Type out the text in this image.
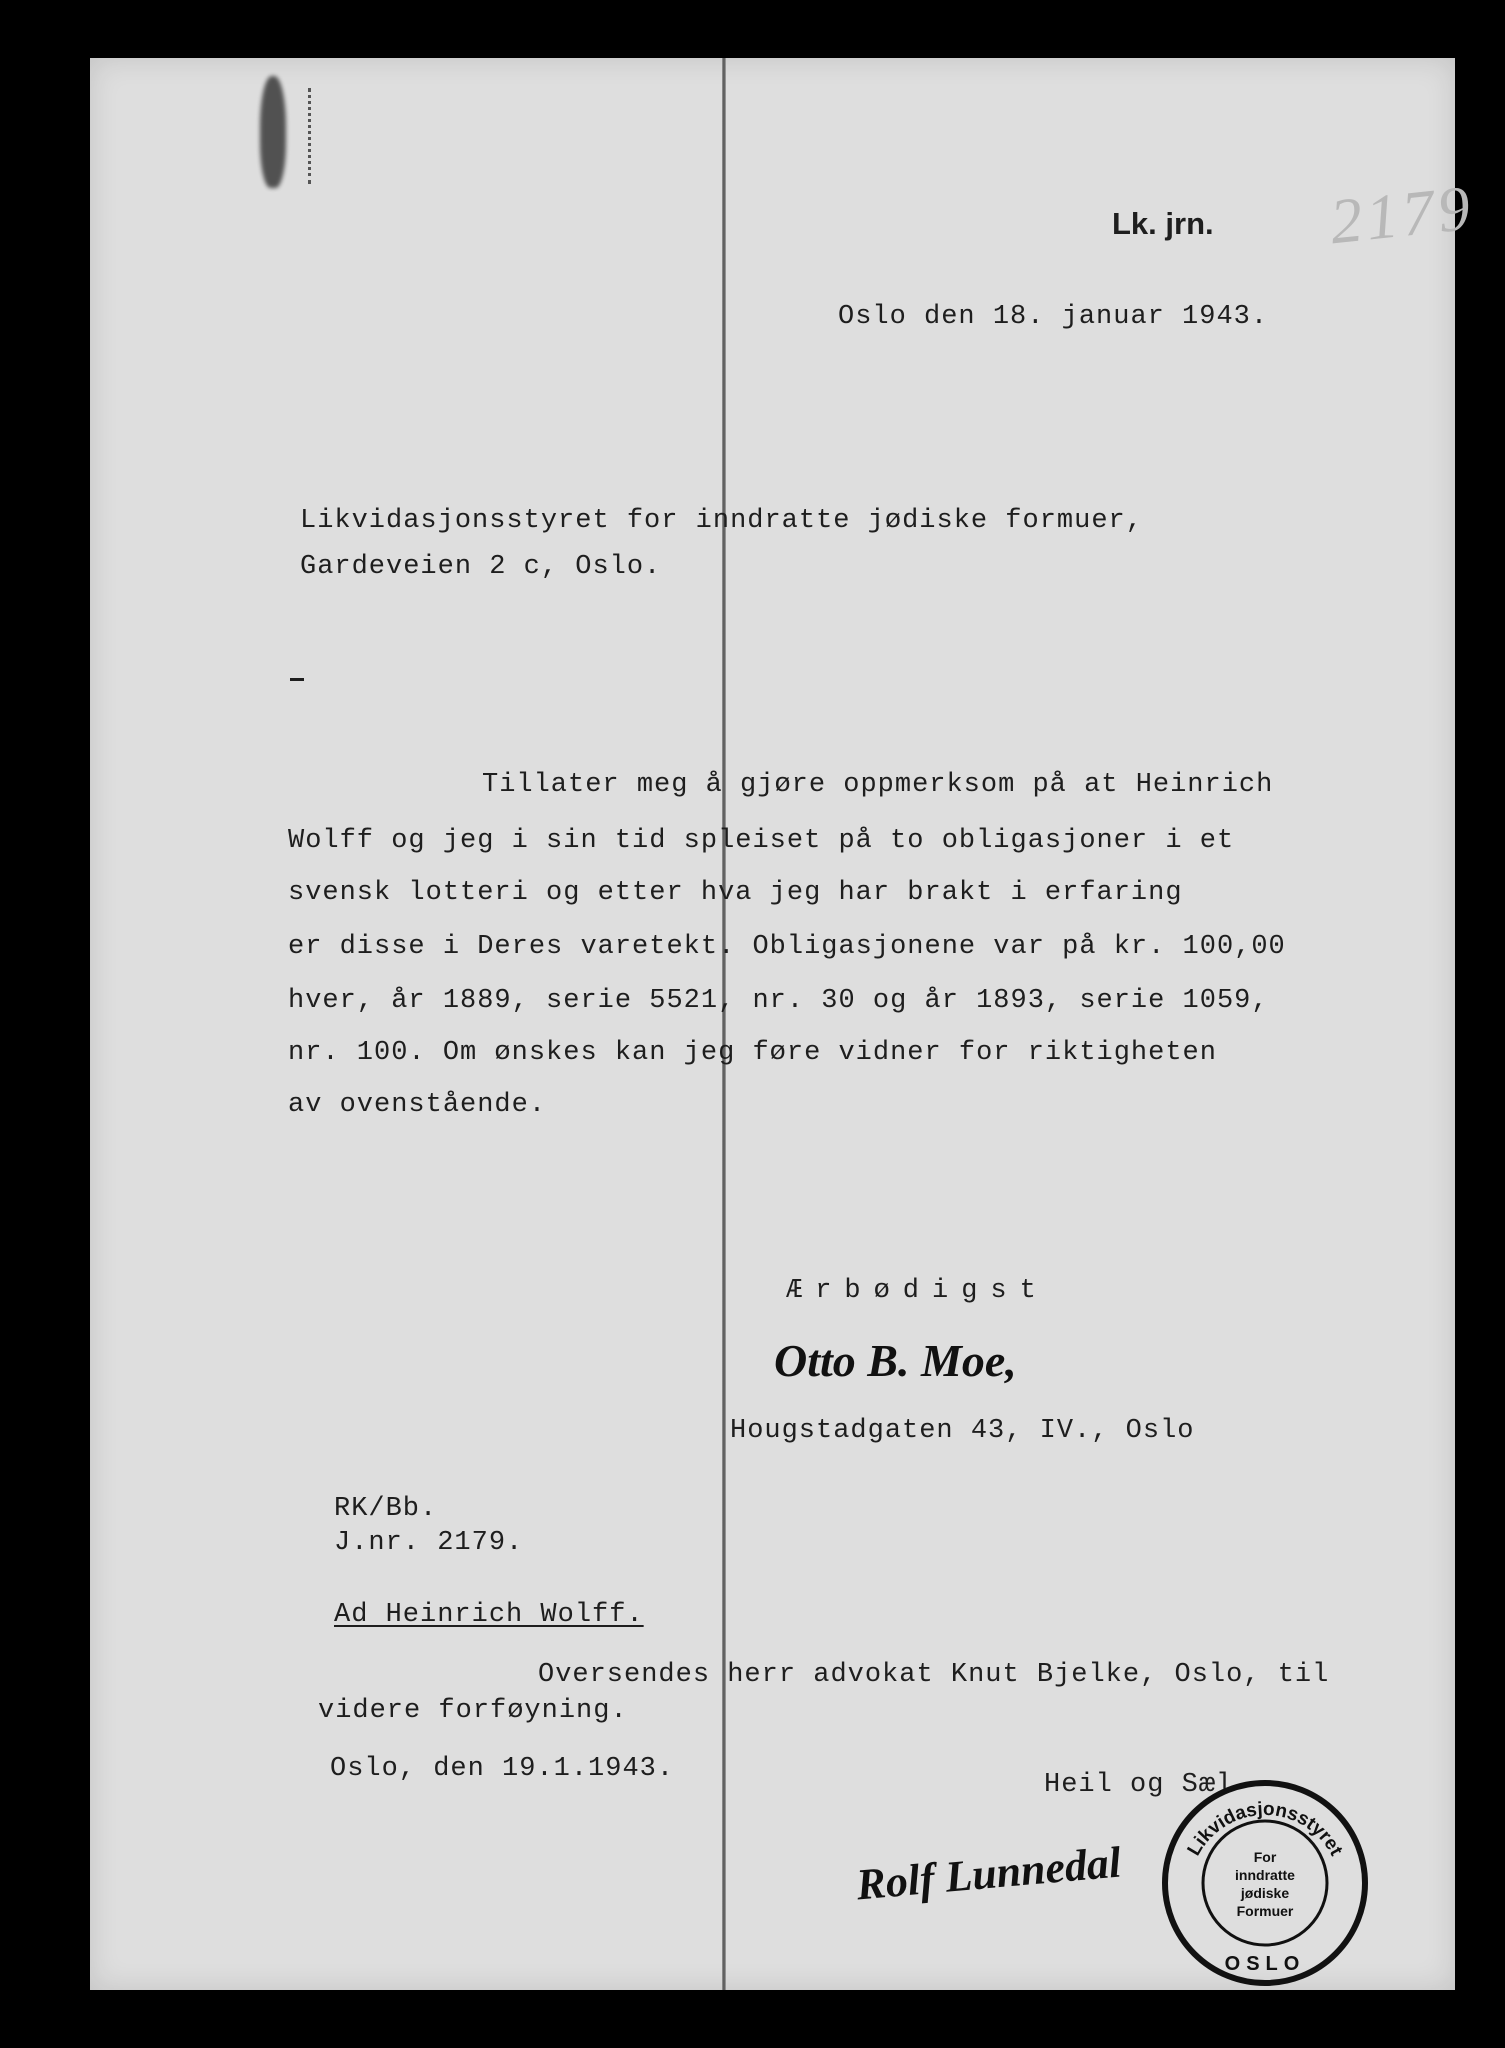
Lk. jrn. 2179
Oslo den 18. januar 1943.
Likvidasjonsstyret for inndratte jødiske formuer,
Gardeveien 2 c, Oslo.
Tillater meg å gjøre oppmerksom på at Heinrich
Wolff og jeg i sin tid spleiset på to obligasjoner i et
svensk lotteri og etter hva jeg har brakt i erfaring
er disse i Deres varetekt. Obligasjonene var på kr. 100,00
hver, år 1889, serie 5521, nr. 30 og år 1893, serie 1059,
nr. 100. Om ønskes kan jeg føre vidner for riktigheten
av ovenstående.
Ærbødigst
Otto B. Moe,
Hougstadgaten 43, IV., Oslo
RK/Bb.
J.nr. 2179.
Ad Heinrich Wolff.
Oversendes herr advokat Knut Bjelke, Oslo, til
videre forføyning.
Oslo, den 19.1.1943.
Heil og Sæl
Rolf Lunnedal	Likvidasjonsstyret
For
inndratte
jødiske
Formuer
OSLO
